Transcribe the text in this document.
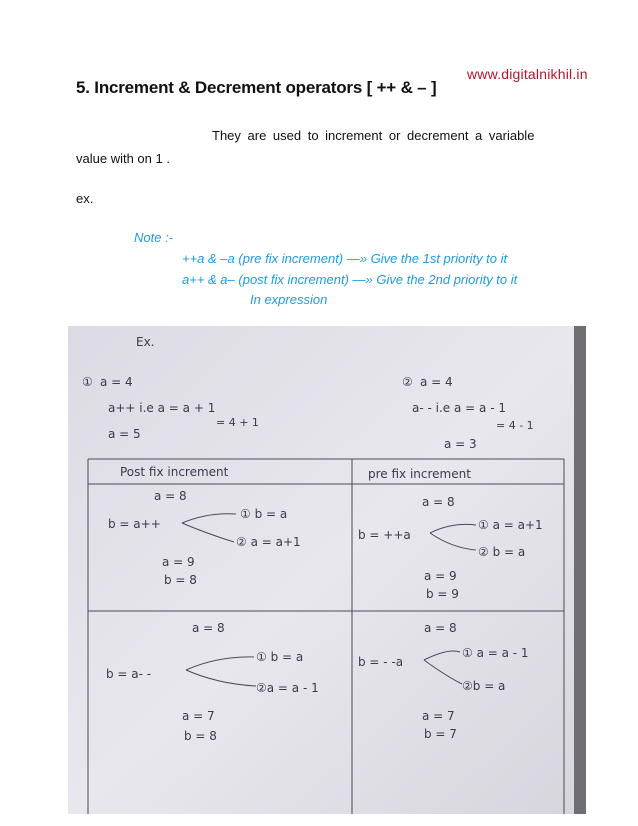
www.digitalnikhil.in
5. Increment & Decrement operators [ ++ & – ]
They are used to increment or decrement a variable
value with on 1 .
ex.
Note :-
++a & –a (pre fix increment) —» Give the 1st priority to it
a++ & a– (post fix increment) —» Give the 2nd priority to it
In expression
Ex.
① a = 4
a++ i.e a = a + 1
= 4 + 1
a = 5
② a = 4
a- - i.e a = a - 1
= 4 - 1
a = 3
Post fix increment	pre fix increment
a = 8
b = a++
① b = a
② a = a+1
a = 9
b = 8
a = 8
b = ++a
① a = a+1
② b = a
a = 9
b = 9
a = 8
b = a- -
① b = a
②a = a - 1
a = 7
b = 8
a = 8
b = - -a
① a = a - 1
②b = a
a = 7
b = 7
